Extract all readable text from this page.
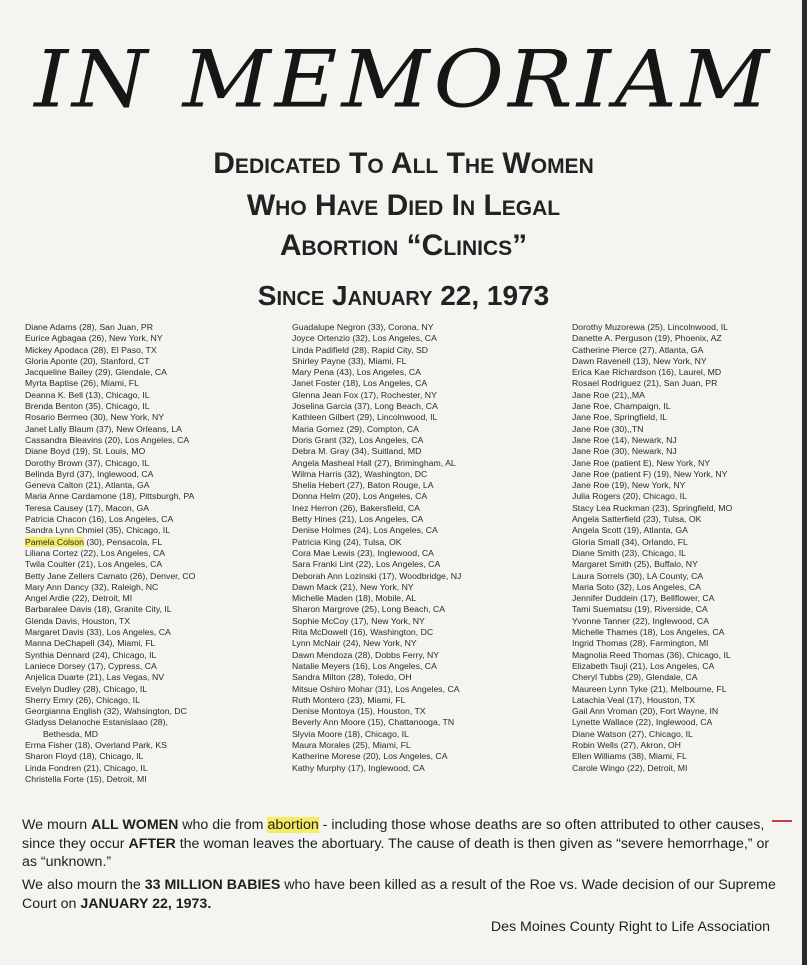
IN MEMORIAM
Dedicated To All The Women
Who Have Died In Legal
Abortion “Clinics”
Since January 22, 1973
Diane Adams (28), San Juan, PR
Eurice Agbagaa (26), New York, NY
Mickey Apodaca (28), El Paso, TX
Gloria Aponte (20), Stanford, CT
Jacqueline Bailey (29), Glendale, CA
Myrta Baptise (26), Miami, FL
Deanna K. Bell (13), Chicago, IL
Brenda Benton (35), Chicago, IL
Rosario Bermeo (30), New York, NY
Janet Lally Blaum (37), New Orleans, LA
Cassandra Bleavins (20), Los Angeles, CA
Diane Boyd (19), St. Louis, MO
Dorothy Brown (37), Chicago, IL
Belinda Byrd (37), Inglewood, CA
Geneva Calton (21), Atlanta, GA
Maria Anne Cardamone (18), Pittsburgh, PA
Teresa Causey (17), Macon, GA
Patricia Chacon (16), Los Angeles, CA
Sandra Lynn Chmiel (35), Chicago, IL
Pamela Colson (30), Pensacola, FL
Liliana Cortez (22), Los Angeles, CA
Twila Coulter (21), Los Angeles, CA
Betty Jane Zellers Camato (26), Denver, CO
Mary Ann Dancy (32), Raleigh, NC
Angel Ardie (22), Detroit, MI
Barbaralee Davis (18), Granite City, IL
Glenda Davis, Houston, TX
Margaret Davis (33), Los Angeles, CA
Manna DeChapell (34), Miami, FL
Synthia Dennard (24), Chicago, IL
Laniece Dorsey (17), Cypress, CA
Anjelica Duarte (21), Las Vegas, NV
Evelyn Dudley (28), Chicago, IL
Sherry Emry (26), Chicago, IL
Georgianna English (32), Wahsington, DC
Gladyss Delanoche Estanislaao (28),
Bethesda, MD
Erma Fisher (18), Overland Park, KS
Sharon Floyd (18), Chicago, IL
Linda Fondren (21), Chicago, IL
Christella Forte (15), Detroit, MI
Guadalupe Negron (33), Corona, NY
Joyce Ortenzio (32), Los Angeles, CA
Linda Padifield (28), Rapid City, SD
Shirley Payne (33), Miami, FL
Mary Pena (43), Los Angeles, CA
Janet Foster (18), Los Angeles, CA
Glenna Jean Fox (17), Rochester, NY
Joselina Garcia (37), Long Beach, CA
Kathleen Gilbert (29), Lincolnwood, IL
Maria Gomez (29), Compton, CA
Doris Grant (32), Los Angeles, CA
Debra M. Gray (34), Suitland, MD
Angela Masheal Hall (27), Brimingham, AL
Wilma Harris (32), Washington, DC
Shelia Hebert (27), Baton Rouge, LA
Donna Helm (20), Los Angeles, CA
Inez Herron (26), Bakersfield, CA
Betty Hines (21), Los Angeles, CA
Denise Holmes (24), Los Angeles, CA
Patricia King (24), Tulsa, OK
Cora Mae Lewis (23), Inglewood, CA
Sara Franki Lint (22), Los Angeles, CA
Deborah Ann Lozinski (17), Woodbridge, NJ
Dawn Mack (21), New York, NY
Michelle Maden (18), Mobile, AL
Sharon Margrove (25), Long Beach, CA
Sophie McCoy (17), New York, NY
Rita McDowell (16), Washington, DC
Lynn McNair (24), New York, NY
Dawn Mendoza (28), Dobbs Ferry, NY
Natalie Meyers (16), Los Angeles, CA
Sandra Milton (28), Toledo, OH
Mitsue Oshiro Mohar (31), Los Angeles, CA
Ruth Montero (23), Miami, FL
Denise Montoya (15), Houston, TX
Beverly Ann Moore (15), Chattanooga, TN
Slyvia Moore (18), Chicago, IL
Maura Morales (25), Miami, FL
Katherine Morese (20), Los Angeles, CA
Kathy Murphy (17), Inglewood, CA
Dorothy Muzorewa (25), Lincolnwood, IL
Danette A. Perguson (19), Phoenix, AZ
Catherine Pierce (27), Atlanta, GA
Dawn Ravenell (13), New York, NY
Erica Kae Richardson (16), Laurel, MD
Rosael Rodriguez (21), San Juan, PR
Jane Roe (21),,MA
Jane Roe, Champaign, IL
Jane Roe, Springfield, IL
Jane Roe (30),,TN
Jane Roe (14), Newark, NJ
Jane Roe (30), Newark, NJ
Jane Roe (patient E), New York, NY
Jane Roe (patient F) (19), New York, NY
Jane Roe (19), New York, NY
Julia Rogers (20), Chicago, IL
Stacy Lea Ruckman (23), Springfield, MO
Angela Satterfield (23), Tulsa, OK
Angela Scott (19), Atlanta, GA
Gloria Small (34), Orlando, FL
Diane Smith (23), Chicago, IL
Margaret Smith (25), Buffalo, NY
Laura Sorrels (30), LA County, CA
Maria Soto (32), Los Angeles, CA
Jennifer Duddein (17), Bellflower, CA
Tami Suematsu (19), Riverside, CA
Yvonne Tanner (22), Inglewood, CA
Michelle Thames (18), Los Angeles, CA
Ingrid Thomas (28), Farmington, MI
Magnolia Reed Thomas (36), Chicago, IL
Elizabeth Tsuji (21), Los Angeles, CA
Cheryl Tubbs (29), Glendale, CA
Maureen Lynn Tyke (21), Melbourne, FL
Latachia Veal (17), Houston, TX
Gail Ann Vroman (20), Fort Wayne, IN
Lynette Wallace (22), Inglewood, CA
Diane Watson (27), Chicago, IL
Robin Wells (27), Akron, OH
Ellen Williams (38), Miami, FL
Carole Wingo (22), Detroit, MI
We mourn ALL WOMEN who die from abortion - including those whose deaths are so often attributed to other causes, since they occur AFTER the woman leaves the abortuary. The cause of death is then given as “severe hemorrhage,” or as “unknown.”
We also mourn the 33 MILLION BABIES who have been killed as a result of the Roe vs. Wade decision of our Supreme Court on JANUARY 22, 1973.
Des Moines County Right to Life Association
